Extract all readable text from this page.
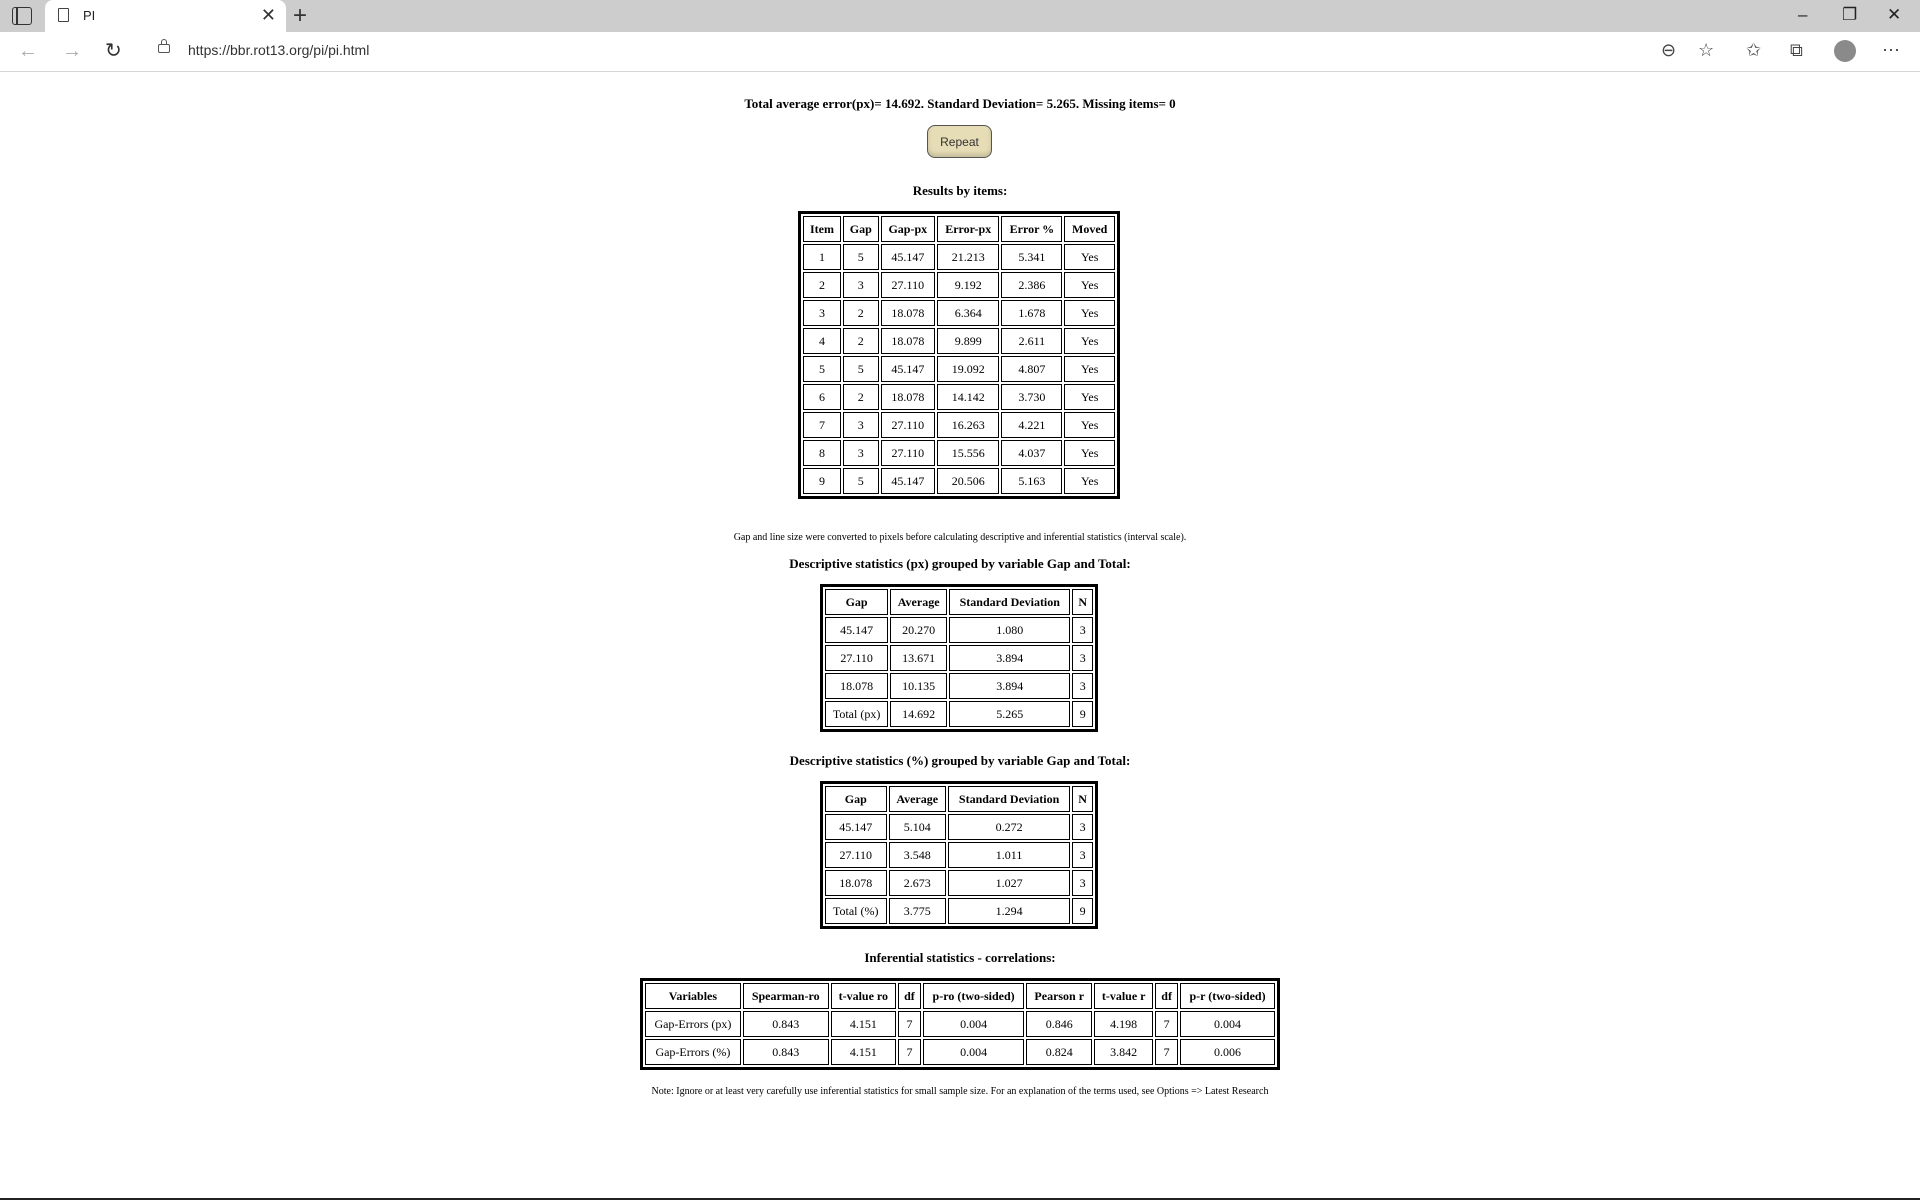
PI	✕ +	– ❐ ✕
← → ↻	https://bbr.rot13.org/pi/pi.html	⊖ ☆ ✩ ⧉	⋯
Total average error(px)= 14.692. Standard Deviation= 5.265. Missing items= 0
Repeat
Results by items:
Item	Gap	Gap-px	Error-px	Error %	Moved
1	5	45.147	21.213	5.341	Yes
2	3	27.110	9.192	2.386	Yes
3	2	18.078	6.364	1.678	Yes
4	2	18.078	9.899	2.611	Yes
5	5	45.147	19.092	4.807	Yes
6	2	18.078	14.142	3.730	Yes
7	3	27.110	16.263	4.221	Yes
8	3	27.110	15.556	4.037	Yes
9	5	45.147	20.506	5.163	Yes
Gap and line size were converted to pixels before calculating descriptive and inferential statistics (interval scale).
Descriptive statistics (px) grouped by variable Gap and Total:
Gap	Average	Standard Deviation	N
45.147	20.270	1.080	3
27.110	13.671	3.894	3
18.078	10.135	3.894	3
Total (px)	14.692	5.265	9
Descriptive statistics (%) grouped by variable Gap and Total:
Gap	Average	Standard Deviation	N
45.147	5.104	0.272	3
27.110	3.548	1.011	3
18.078	2.673	1.027	3
Total (%)	3.775	1.294	9
Inferential statistics - correlations:
Variables	Spearman-ro	t-value ro	df	p-ro (two-sided)	Pearson r	t-value r	df	p-r (two-sided)
Gap-Errors (px)	0.843	4.151	7	0.004	0.846	4.198	7	0.004
Gap-Errors (%)	0.843	4.151	7	0.004	0.824	3.842	7	0.006
Note: Ignore or at least very carefully use inferential statistics for small sample size. For an explanation of the terms used, see Options => Latest Research
